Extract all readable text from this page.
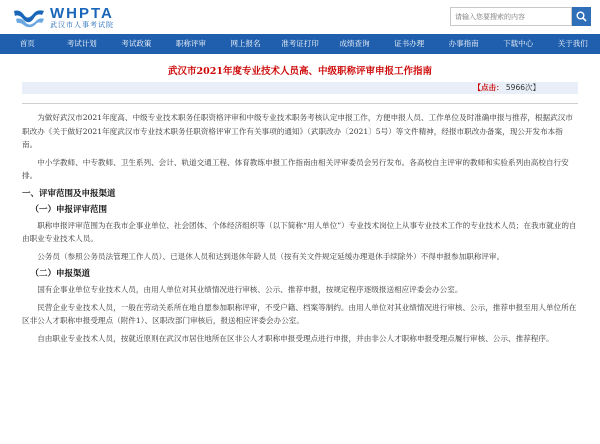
WHPTA
武汉市人事考试院
请输入您要搜索的内容
首页	考试计划	考试政策	职称评审	网上报名	准考证打印	成绩查询	证书办理	办事指南	下载中心	关于我们
武汉市2021年度专业技术人员高、中级职称评审申报工作指南
【点击： 5966次】

为做好武汉市2021年度高、中级专业技术职务任职资格评审和中级专业技术职务考核认定申报工作，方便申报人员、工作单位及时准确申报与推荐，根据武汉市职改办《关于做好2021年度武汉市专业技术职务任职资格评审工作有关事项的通知》（武职改办〔2021〕5号）等文件精神，经报市职改办备案，现公开发布本指南。

中小学教师、中专教师、卫生系列、会计、轨道交通工程、体育教练申报工作指南由相关评审委员会另行发布。各高校自主评审的教师和实验系列由高校自行安排。

一、评审范围及申报渠道

（一）申报评审范围

职称申报评审范围为在我市企事业单位、社会团体、个体经济组织等（以下简称“用人单位”）专业技术岗位上从事专业技术工作的专业技术人员；在我市就业的自由职业专业技术人员。

公务员（参照公务员法管理工作人员）、已退休人员和达到退休年龄人员（按有关文件规定延缓办理退休手续除外）不得申报参加职称评审。

（二）申报渠道

国有企事业单位专业技术人员，由用人单位对其业绩情况进行审核、公示、推荐申报，按规定程序逐级报送相应评委会办公室。

民营企业专业技术人员，一般在劳动关系所在地自愿参加职称评审，不受户籍、档案等制约。由用人单位对其业绩情况进行审核、公示，推荐申报至用人单位所在区非公人才职称申报受理点（附件1）、区职改部门审核后，报送相应评委会办公室。

自由职业专业技术人员，按就近原则在武汉市居住地所在区非公人才职称申报受理点进行申报，并由非公人才职称申报受理点履行审核、公示、推荐程序。
